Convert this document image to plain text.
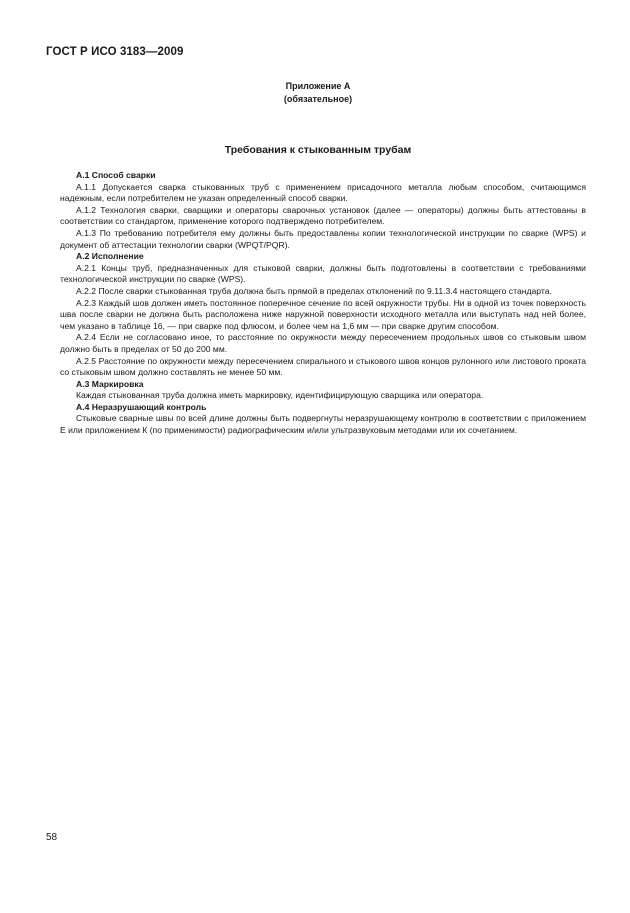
ГОСТ Р ИСО 3183—2009
Приложение А
(обязательное)
Требования к стыкованным трубам
А.1 Способ сварки

А.1.1 Допускается сварка стыкованных труб с применением присадочного металла любым способом, считающимся надежным, если потребителем не указан определенный способ сварки.

А.1.2 Технология сварки, сварщики и операторы сварочных установок (далее — операторы) должны быть аттестованы в соответствии со стандартом, применение которого подтверждено потребителем.

А.1.3 По требованию потребителя ему должны быть предоставлены копии технологической инструкции по сварке (WPS) и документ об аттестации технологии сварки (WPQT/PQR).

А.2 Исполнение

А.2.1 Концы труб, предназначенных для стыковой сварки, должны быть подготовлены в соответствии с требованиями технологической инструкции по сварке (WPS).

А.2.2 После сварки стыкованная труба должна быть прямой в пределах отклонений по 9.11.3.4 настоящего стандарта.

А.2.3 Каждый шов должен иметь постоянное поперечное сечение по всей окружности трубы. Ни в одной из точек поверхность шва после сварки не должна быть расположена ниже наружной поверхности исходного металла или выступать над ней более, чем указано в таблице 16, — при сварке под флюсом, и более чем на 1,6 мм — при сварке другим способом.

А.2.4 Если не согласовано иное, то расстояние по окружности между пересечением продольных швов со стыковым швом должно быть в пределах от 50 до 200 мм.

А.2.5 Расстояние по окружности между пересечением спирального и стыкового швов концов рулонного или листового проката со стыковым швом должно составлять не менее 50 мм.

А.3 Маркировка

Каждая стыкованная труба должна иметь маркировку, идентифицирующую сварщика или оператора.

А.4 Неразрушающий контроль

Стыковые сварные швы по всей длине должны быть подвергнуты неразрушающему контролю в соответствии с приложением Е или приложением К (по применимости) радиографическим и/или ультразвуковым методами или их сочетанием.

58
